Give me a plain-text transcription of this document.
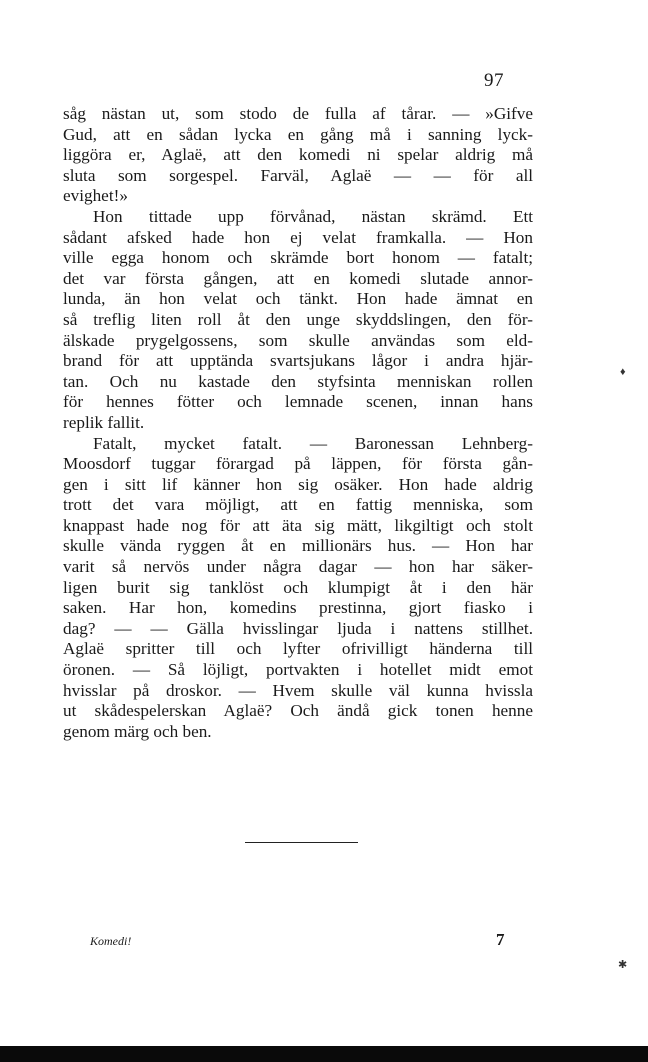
97
såg nästan ut, som stodo de fulla af tårar. — »Gifve
Gud, att en sådan lycka en gång må i sanning lyck-
liggöra er, Aglaë, att den komedi ni spelar aldrig må
sluta som sorgespel. Farväl, Aglaë — — för all
evighet!»
Hon tittade upp förvånad, nästan skrämd. Ett
sådant afsked hade hon ej velat framkalla. — Hon
ville egga honom och skrämde bort honom — fatalt;
det var första gången, att en komedi slutade annor-
lunda, än hon velat och tänkt. Hon hade ämnat en
så treflig liten roll åt den unge skyddslingen, den för-
älskade prygelgossens, som skulle användas som eld-
brand för att upptända svartsjukans lågor i andra hjär-
tan. Och nu kastade den styfsinta menniskan rollen
för hennes fötter och lemnade scenen, innan hans
replik fallit.
Fatalt, mycket fatalt. — Baronessan Lehnberg-
Moosdorf tuggar förargad på läppen, för första gån-
gen i sitt lif känner hon sig osäker. Hon hade aldrig
trott det vara möjligt, att en fattig menniska, som
knappast hade nog för att äta sig mätt, likgiltigt och stolt
skulle vända ryggen åt en millionärs hus. — Hon har
varit så nervös under några dagar — hon har säker-
ligen burit sig tanklöst och klumpigt åt i den här
saken. Har hon, komedins prestinna, gjort fiasko i
dag? — — Gälla hvisslingar ljuda i nattens stillhet.
Aglaë spritter till och lyfter ofrivilligt händerna till
öronen. — Så löjligt, portvakten i hotellet midt emot
hvisslar på droskor. — Hvem skulle väl kunna hvissla
ut skådespelerskan Aglaë? Och ändå gick tonen henne
genom märg och ben.
Komedi!	7
♦
✱
